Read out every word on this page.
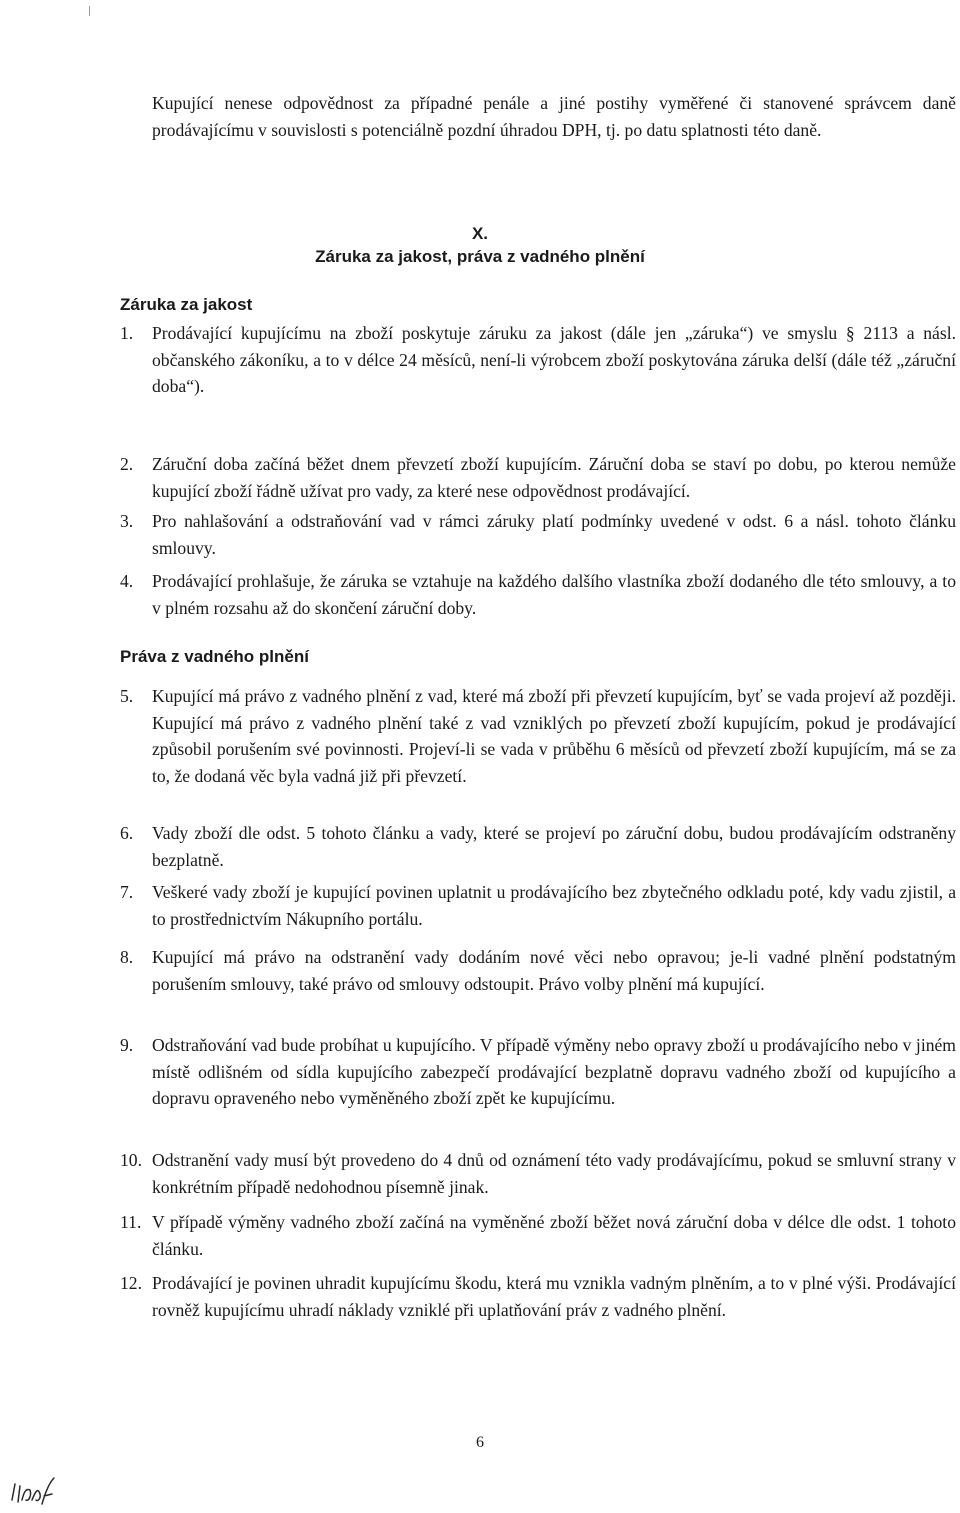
Kupující nenese odpovědnost za případné penále a jiné postihy vyměřené či stanovené správcem daně prodávajícímu v souvislosti s potenciálně pozdní úhradou DPH, tj. po datu splatnosti této daně.
X.
Záruka za jakost, práva z vadného plnění
Záruka za jakost
1.	Prodávající kupujícímu na zboží poskytuje záruku za jakost (dále jen „záruka“) ve smyslu § 2113 a násl. občanského zákoníku, a to v délce 24 měsíců, není-li výrobcem zboží poskytována záruka delší (dále též „záruční doba“).
2.	Záruční doba začíná běžet dnem převzetí zboží kupujícím. Záruční doba se staví po dobu, po kterou nemůže kupující zboží řádně užívat pro vady, za které nese odpovědnost prodávající.
3.	Pro nahlašování a odstraňování vad v rámci záruky platí podmínky uvedené v odst. 6 a násl. tohoto článku smlouvy.
4.	Prodávající prohlašuje, že záruka se vztahuje na každého dalšího vlastníka zboží dodaného dle této smlouvy, a to v plném rozsahu až do skončení záruční doby.
Práva z vadného plnění
5.	Kupující má právo z vadného plnění z vad, které má zboží při převzetí kupujícím, byť se vada projeví až později. Kupující má právo z vadného plnění také z vad vzniklých po převzetí zboží kupujícím, pokud je prodávající způsobil porušením své povinnosti. Projeví-li se vada v průběhu 6 měsíců od převzetí zboží kupujícím, má se za to, že dodaná věc byla vadná již při převzetí.
6.	Vady zboží dle odst. 5 tohoto článku a vady, které se projeví po záruční dobu, budou prodávajícím odstraněny bezplatně.
7.	Veškeré vady zboží je kupující povinen uplatnit u prodávajícího bez zbytečného odkladu poté, kdy vadu zjistil, a to prostřednictvím Nákupního portálu.
8.	Kupující má právo na odstranění vady dodáním nové věci nebo opravou; je-li vadné plnění podstatným porušením smlouvy, také právo od smlouvy odstoupit. Právo volby plnění má kupující.
9.	Odstraňování vad bude probíhat u kupujícího. V případě výměny nebo opravy zboží u prodávajícího nebo v jiném místě odlišném od sídla kupujícího zabezpečí prodávající bezplatně dopravu vadného zboží od kupujícího a dopravu opraveného nebo vyměněného zboží zpět ke kupujícímu.
10. Odstranění vady musí být provedeno do 4 dnů od oznámení této vady prodávajícímu, pokud se smluvní strany v konkrétním případě nedohodnou písemně jinak.
11. V případě výměny vadného zboží začíná na vyměněné zboží běžet nová záruční doba v délce dle odst. 1 tohoto článku.
12. Prodávající je povinen uhradit kupujícímu škodu, která mu vznikla vadným plněním, a to v plné výši. Prodávající rovněž kupujícímu uhradí náklady vzniklé při uplatňování práv z vadného plnění.
6
